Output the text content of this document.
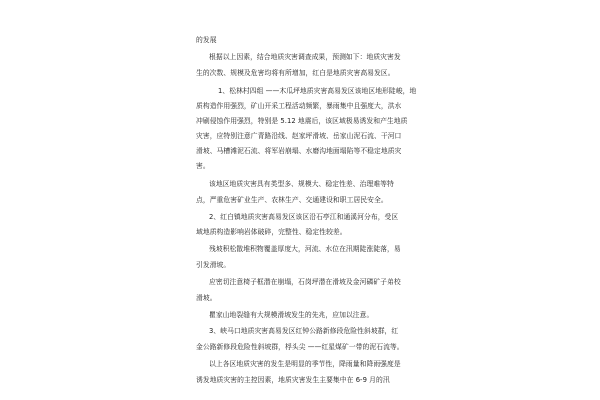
的发展
根据以上因素，结合地质灾害调查成果，预测如下：地质灾害发
生的次数、规模及危害均将有所增加，红白是地质灾害高易发区。
1、松林村四组 ——木瓜坪地质灾害高易发区该地区地形陡峻，地
质构造作用强烈，矿山开采工程活动频繁，暴雨集中且强度大，洪水
冲刷侵蚀作用强烈，特别是 5.12 地震后，该区域极易诱发和产生地质
灾害，应特别注意广青路沿线、赵家坪滑坡、岳家山泥石流、干河口
滑坡、马槽滩泥石流、将军岩崩塌、水磨沟地面塌陷等不稳定地质灾
害。
该地区地质灾害具有类型多、规模大、稳定性差、治理难等特
点，严重危害矿业生产、农林生产、交通建设和职工居民安全。
2、红白镇地质灾害高易发区该区沿石亭江和通溪河分布，受区
域地质构造影响岩体破碎，完整性、稳定性较差。
残坡积松散堆积物覆盖厚度大，河流、水位在汛期陡涨陡落，易
引发滑坡。
应密切注意椅子框潜在崩塌，石岗坪潜在滑坡及金河磷矿子弟校
滑坡。
瞿家山地裂缝有大规模滑坡发生的先兆，应加以注意。
3、峡马口地质灾害高易发区红钟公路新修段危险性斜坡群，红
金公路新修段危险性斜坡群，桴头尖 ——红星煤矿一带的泥石流等。
以上各区地质灾害的发生是明显的季节性，降雨量和降雨强度是
诱发地质灾害的主控因素，地质灾害发生主要集中在 6-9 月的汛
